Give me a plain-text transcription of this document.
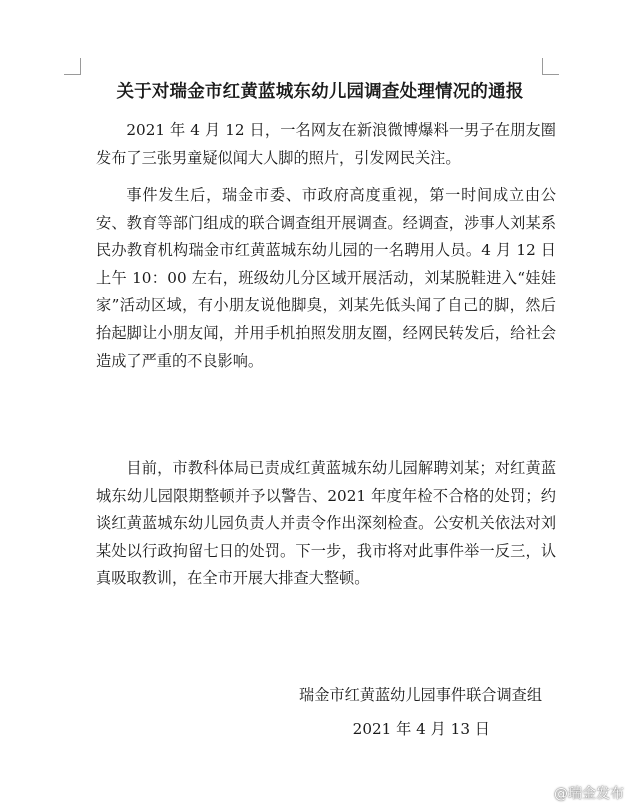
关于对瑞金市红黄蓝城东幼儿园调查处理情况的通报

2021 年 4 月 12 日，一名网友在新浪微博爆料一男子在朋友圈发布了三张男童疑似闻大人脚的照片，引发网民关注。

事件发生后，瑞金市委、市政府高度重视，第一时间成立由公安、教育等部门组成的联合调查组开展调查。经调查，涉事人刘某系民办教育机构瑞金市红黄蓝城东幼儿园的一名聘用人员。4 月 12 日上午 10：00 左右，班级幼儿分区域开展活动，刘某脱鞋进入“娃娃家”活动区域，有小朋友说他脚臭，刘某先低头闻了自己的脚，然后抬起脚让小朋友闻，并用手机拍照发朋友圈，经网民转发后，给社会造成了严重的不良影响。

目前，市教科体局已责成红黄蓝城东幼儿园解聘刘某；对红黄蓝城东幼儿园限期整顿并予以警告、2021 年度年检不合格的处罚；约谈红黄蓝城东幼儿园负责人并责令作出深刻检查。公安机关依法对刘某处以行政拘留七日的处罚。下一步，我市将对此事件举一反三，认真吸取教训，在全市开展大排查大整顿。

瑞金市红黄蓝幼儿园事件联合调查组
2021 年 4 月 13 日
@瑞金发布
